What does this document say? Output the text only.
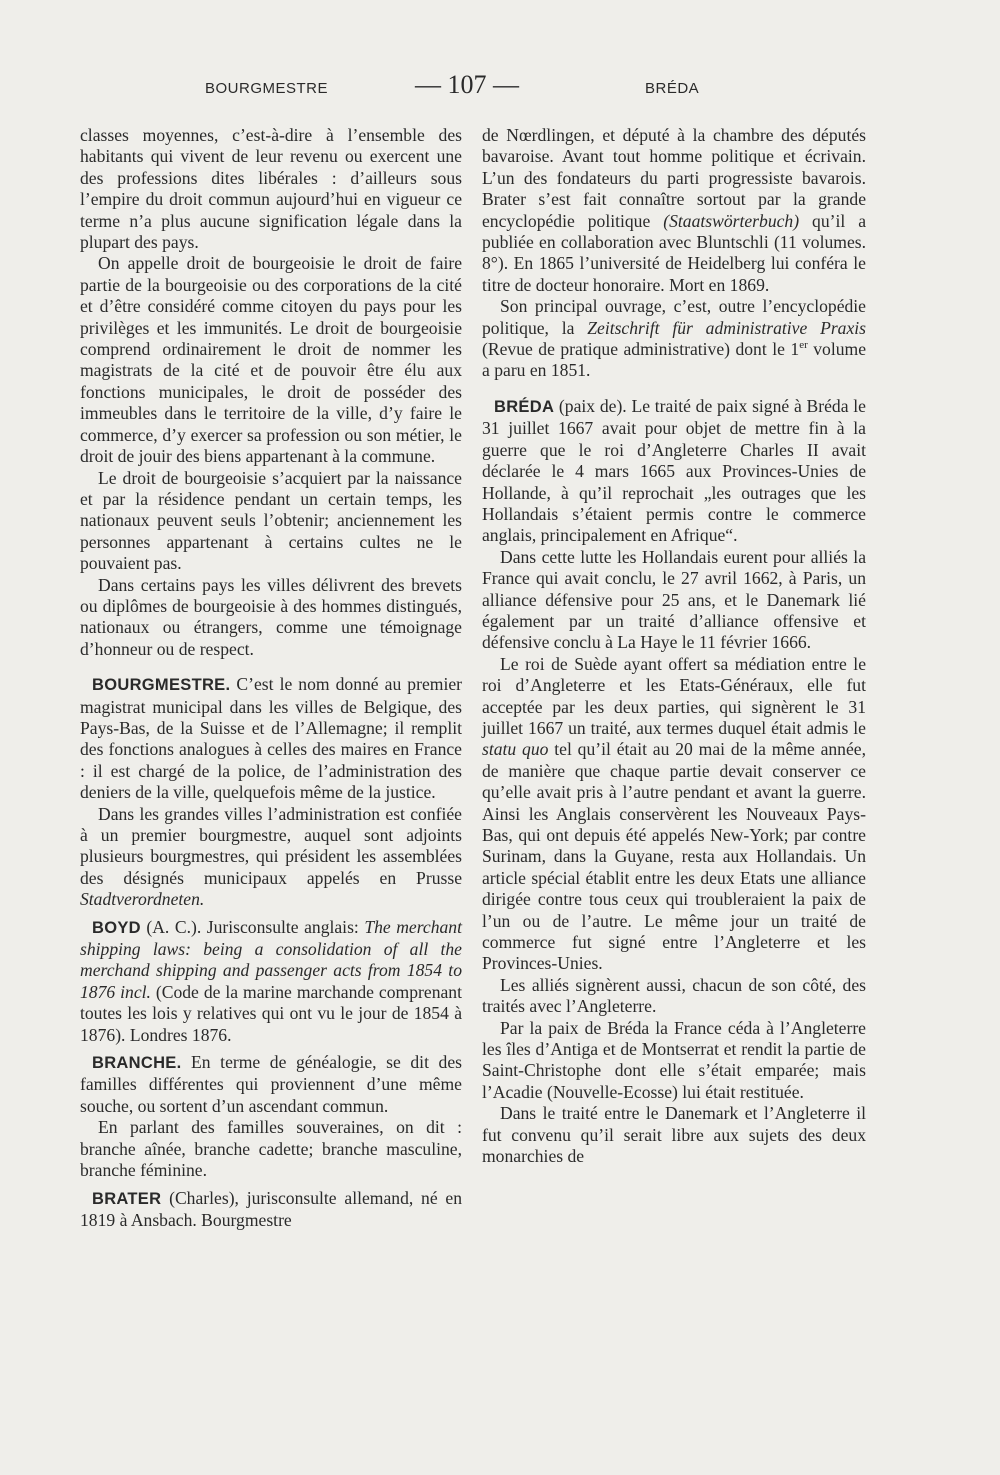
BOURGMESTRE	— 107 —	BRÉDA

classes moyennes, c’est-à-dire à l’ensemble des habitants qui vivent de leur revenu ou exercent une des professions dites libérales : d’ailleurs sous l’empire du droit commun aujourd’hui en vigueur ce terme n’a plus aucune signification légale dans la plupart des pays.

On appelle droit de bourgeoisie le droit de faire partie de la bourgeoisie ou des corporations de la cité et d’être considéré comme citoyen du pays pour les privilèges et les immunités. Le droit de bourgeoisie comprend ordinairement le droit de nommer les magistrats de la cité et de pouvoir être élu aux fonctions municipales, le droit de posséder des immeubles dans le territoire de la ville, d’y faire le commerce, d’y exercer sa profession ou son métier, le droit de jouir des biens appartenant à la commune.

Le droit de bourgeoisie s’acquiert par la naissance et par la résidence pendant un certain temps, les nationaux peuvent seuls l’obtenir; anciennement les personnes appartenant à certains cultes ne le pouvaient pas.

Dans certains pays les villes délivrent des brevets ou diplômes de bourgeoisie à des hommes distingués, nationaux ou étrangers, comme une témoignage d’honneur ou de respect.

BOURGMESTRE. C’est le nom donné au premier magistrat municipal dans les villes de Belgique, des Pays-Bas, de la Suisse et de l’Allemagne; il remplit des fonctions analogues à celles des maires en France : il est chargé de la police, de l’administration des deniers de la ville, quelquefois même de la justice.

Dans les grandes villes l’administration est confiée à un premier bourgmestre, auquel sont adjoints plusieurs bourgmestres, qui président les assemblées des désignés municipaux appelés en Prusse Stadtverordneten.

BOYD (A. C.). Jurisconsulte anglais: The merchant shipping laws: being a consolidation of all the merchand shipping and passenger acts from 1854 to 1876 incl. (Code de la marine marchande comprenant toutes les lois y relatives qui ont vu le jour de 1854 à 1876). Londres 1876.

BRANCHE. En terme de généalogie, se dit des familles différentes qui proviennent d’une même souche, ou sortent d’un ascendant commun.

En parlant des familles souveraines, on dit : branche aînée, branche cadette; branche masculine, branche féminine.

BRATER (Charles), jurisconsulte allemand, né en 1819 à Ansbach. Bourgmestre

de Nœrdlingen, et député à la chambre des députés bavaroise. Avant tout homme politique et écrivain. L’un des fondateurs du parti progressiste bavarois. Brater s’est fait connaître sortout par la grande encyclopédie politique (Staatswörterbuch) qu’il a publiée en collaboration avec Bluntschli (11 volumes. 8°). En 1865 l’université de Heidelberg lui conféra le titre de docteur honoraire. Mort en 1869.

Son principal ouvrage, c’est, outre l’encyclopédie politique, la Zeitschrift für administrative Praxis (Revue de pratique administrative) dont le 1er volume a paru en 1851.

BRÉDA (paix de). Le traité de paix signé à Bréda le 31 juillet 1667 avait pour objet de mettre fin à la guerre que le roi d’Angleterre Charles II avait déclarée le 4 mars 1665 aux Provinces-Unies de Hollande, à qu’il reprochait „les outrages que les Hollandais s’étaient permis contre le commerce anglais, principalement en Afrique“.

Dans cette lutte les Hollandais eurent pour alliés la France qui avait conclu, le 27 avril 1662, à Paris, un alliance défensive pour 25 ans, et le Danemark lié également par un traité d’alliance offensive et défensive conclu à La Haye le 11 février 1666.

Le roi de Suède ayant offert sa médiation entre le roi d’Angleterre et les Etats-Généraux, elle fut acceptée par les deux parties, qui signèrent le 31 juillet 1667 un traité, aux termes duquel était admis le statu quo tel qu’il était au 20 mai de la même année, de manière que chaque partie devait conserver ce qu’elle avait pris à l’autre pendant et avant la guerre. Ainsi les Anglais conservèrent les Nouveaux Pays-Bas, qui ont depuis été appelés New-York; par contre Surinam, dans la Guyane, resta aux Hollandais. Un article spécial établit entre les deux Etats une alliance dirigée contre tous ceux qui troubleraient la paix de l’un ou de l’autre. Le même jour un traité de commerce fut signé entre l’Angleterre et les Provinces-Unies.

Les alliés signèrent aussi, chacun de son côté, des traités avec l’Angleterre.

Par la paix de Bréda la France céda à l’Angleterre les îles d’Antiga et de Montserrat et rendit la partie de Saint-Christophe dont elle s’était emparée; mais l’Acadie (Nouvelle-Ecosse) lui était restituée.

Dans le traité entre le Danemark et l’Angleterre il fut convenu qu’il serait libre aux sujets des deux monarchies de
